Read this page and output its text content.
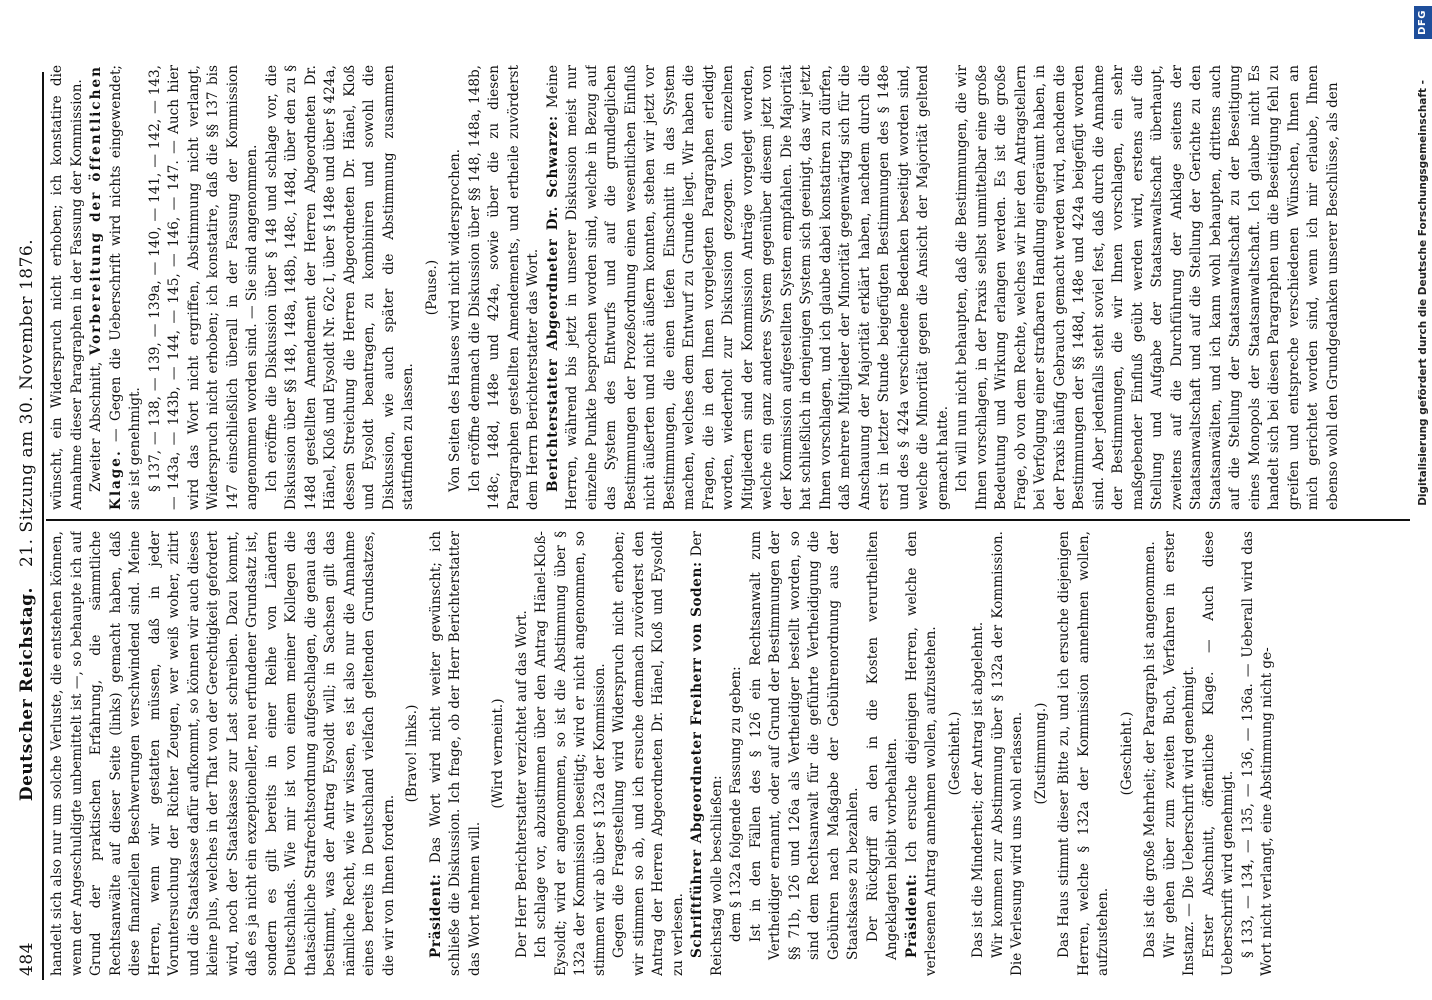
484
Deutscher Reichstag.21. Sitzung am 30. November 1876.

handelt sich also nur um solche Verluste, die entstehen können, wenn der Angeschuldigte unbemittelt ist —, so behaupte ich auf Grund der praktischen Erfahrung, die sämmtliche Rechtsanwälte auf dieser Seite (links) gemacht haben, daß diese finanziellen Beschwerungen verschwindend sind. Meine Herren, wenn wir gestatten müssen, daß in jeder Voruntersuchung der Richter Zeugen, wer weiß woher, zitirt und die Staatskasse dafür aufkommt, so können wir auch dieses kleine plus, welches in der That von der Gerechtigkeit gefordert wird, noch der Staatskasse zur Last schreiben. Dazu kommt, daß es ja nicht ein exzeptioneller, neu erfundener Grundsatz ist, sondern es gilt bereits in einer Reihe von Ländern Deutschlands. Wie mir ist von einem meiner Kollegen die thatsächliche Strafrechtsordnung aufgeschlagen, die genau das bestimmt, was der Antrag Eysoldt will; in Sachsen gilt das nämliche Recht, wie wir wissen, es ist also nur die Annahme eines bereits in Deutschland vielfach geltenden Grundsatzes, die wir von Ihnen fordern.

(Bravo! links.)

Präsident: Das Wort wird nicht weiter gewünscht; ich schließe die Diskussion. Ich frage, ob der Herr Berichterstatter das Wort nehmen will.

(Wird verneint.) Der Herr Berichterstatter verzichtet auf das Wort. Ich schlage vor, abzustimmen über den Antrag Hänel-Kloß-Eysoldt; wird er angenommen, so ist die Abstimmung über § 132a der Kommission beseitigt; wird er nicht angenommen, so stimmen wir ab über § 132a der Kommission. Gegen die Fragestellung wird Widerspruch nicht erhoben; wir stimmen so ab, und ich ersuche demnach zuvörderst den Antrag der Herren Abgeordneten Dr. Hänel, Kloß und Eysoldt zu verlesen. Schriftführer Abgeordneter Freiherr von Soden: Der Reichstag wolle beschließen: dem § 132a folgende Fassung zu geben: Ist in den Fällen des § 126 ein Rechtsanwalt zum Vertheidiger ernannt, oder auf Grund der Bestimmungen der §§ 71b, 126 und 126a als Vertheidiger bestellt worden, so sind dem Rechtsanwalt für die geführte Vertheidigung die Gebühren nach Maßgabe der Gebührenordnung aus der Staatskasse zu bezahlen. Der Rückgriff an den in die Kosten verurtheilten Angeklagten bleibt vorbehalten. Präsident: Ich ersuche diejenigen Herren, welche den verlesenen Antrag annehmen wollen, aufzustehen. (Geschieht.) Das ist die Minderheit; der Antrag ist abgelehnt. Wir kommen zur Abstimmung über § 132a der Kommission. Die Verlesung wird uns wohl erlassen. (Zustimmung.) Das Haus stimmt dieser Bitte zu, und ich ersuche diejenigen Herren, welche § 132a der Kommission annehmen wollen, aufzustehen.

(Geschieht.) Das ist die große Mehrheit; der Paragraph ist angenommen. Wir gehen über zum zweiten Buch, Verfahren in erster Instanz. — Die Ueberschrift wird genehmigt. Erster Abschnitt, öffentliche Klage. — Auch diese Ueberschrift wird genehmigt. § 133, — 134, — 135, — 136, — 136a. — Ueberall wird das Wort nicht verlangt, eine Abstimmung nicht ge-

wünscht, ein Widerspruch nicht erhoben; ich konstatire die Annahme dieser Paragraphen in der Fassung der Kommission. Zweiter Abschnitt, Vorbereitung der öffentlichen Klage. — Gegen die Ueberschrift wird nichts eingewendet; sie ist genehmigt. § 137, — 138, — 139, — 139a, — 140, — 141, — 142, — 143, — 143a, — 143b, — 144, — 145, — 146, — 147. — Auch hier wird das Wort nicht ergriffen, Abstimmung nicht verlangt, Widerspruch nicht erhoben; ich konstatire, daß die §§ 137 bis 147 einschließlich überall in der Fassung der Kommission angenommen worden sind. — Sie sind angenommen. Ich eröffne die Diskussion über § 148 und schlage vor, die Diskussion über §§ 148, 148a, 148b, 148c, 148d, über den zu § 148d gestellten Amendement der Herren Abgeordneten Dr. Hänel, Kloß und Eysoldt Nr. 62c I, über § 148e und über § 424a, dessen Streichung die Herren Abgeordneten Dr. Hänel, Kloß und Eysoldt beantragen, zu kombiniren und sowohl die Diskussion, wie auch später die Abstimmung zusammen stattfinden zu lassen.

(Pause.) Von Seiten des Hauses wird nicht widersprochen. Ich eröffne demnach die Diskussion über §§ 148, 148a, 148b, 148c, 148d, 148e und 424a, sowie über die zu diesen Paragraphen gestellten Amendements, und ertheile zuvörderst dem Herrn Berichterstatter das Wort. Berichterstatter Abgeordneter Dr. Schwarze: Meine Herren, während bis jetzt in unserer Diskussion meist nur einzelne Punkte besprochen worden sind, welche in Bezug auf das System des Entwurfs und auf die grundleglichen Bestimmungen der Prozeßordnung einen wesentlichen Einfluß nicht äußerten und nicht äußern konnten, stehen wir jetzt vor Bestimmungen, die einen tiefen Einschnitt in das System machen, welches dem Entwurf zu Grunde liegt. Wir haben die Fragen, die in den Ihnen vorgelegten Paragraphen erledigt worden, wiederholt zur Diskussion gezogen. Von einzelnen Mitgliedern sind der Kommission Anträge vorgelegt worden, welche ein ganz anderes System gegenüber diesem jetzt von der Kommission aufgestellten System empfahlen. Die Majorität hat schließlich in denjenigen System sich geeinigt, das wir jetzt Ihnen vorschlagen, und ich glaube dabei konstatiren zu dürfen, daß mehrere Mitglieder der Minorität gegenwärtig sich für die Anschauung der Majorität erklärt haben, nachdem durch die erst in letzter Stunde beigefügten Bestimmungen des § 148e und des § 424a verschiedene Bedenken beseitigt worden sind, welche die Minorität gegen die Ansicht der Majorität geltend gemacht hatte. Ich will nun nicht behaupten, daß die Bestimmungen, die wir Ihnen vorschlagen, in der Praxis selbst unmittelbar eine große Bedeutung und Wirkung erlangen werden. Es ist die große Frage, ob von dem Rechte, welches wir hier den Antragstellern bei Verfolgung einer strafbaren Handlung eingeräumt haben, in der Praxis häufig Gebrauch gemacht werden wird, nachdem die Bestimmungen der §§ 148d, 148e und 424a beigefügt worden sind. Aber jedenfalls steht soviel fest, daß durch die Annahme der Bestimmungen, die wir Ihnen vorschlagen, ein sehr maßgebender Einfluß geübt werden wird, erstens auf die Stellung und Aufgabe der Staatsanwaltschaft überhaupt, zweitens auf die Durchführung der Anklage seitens der Staatsanwaltschaft und auf die Stellung der Gerichte zu den Staatsanwälten, und ich kann wohl behaupten, drittens auch auf die Stellung der Staatsanwaltschaft zu der Beseitigung eines Monopols der Staatsanwaltschaft. Ich glaube nicht Es handelt sich bei diesen Paragraphen um die Beseitigung fehl zu greifen und entspreche verschiedenen Wünschen, Ihnen an mich gerichtet worden sind, wenn ich mir erlaube, Ihnen ebenso wohl den Grundgedanken unserer Beschlüsse, als den	Digitalisierung gefördert durch die Deutsche Forschungsgemeinschaft -
DFG
